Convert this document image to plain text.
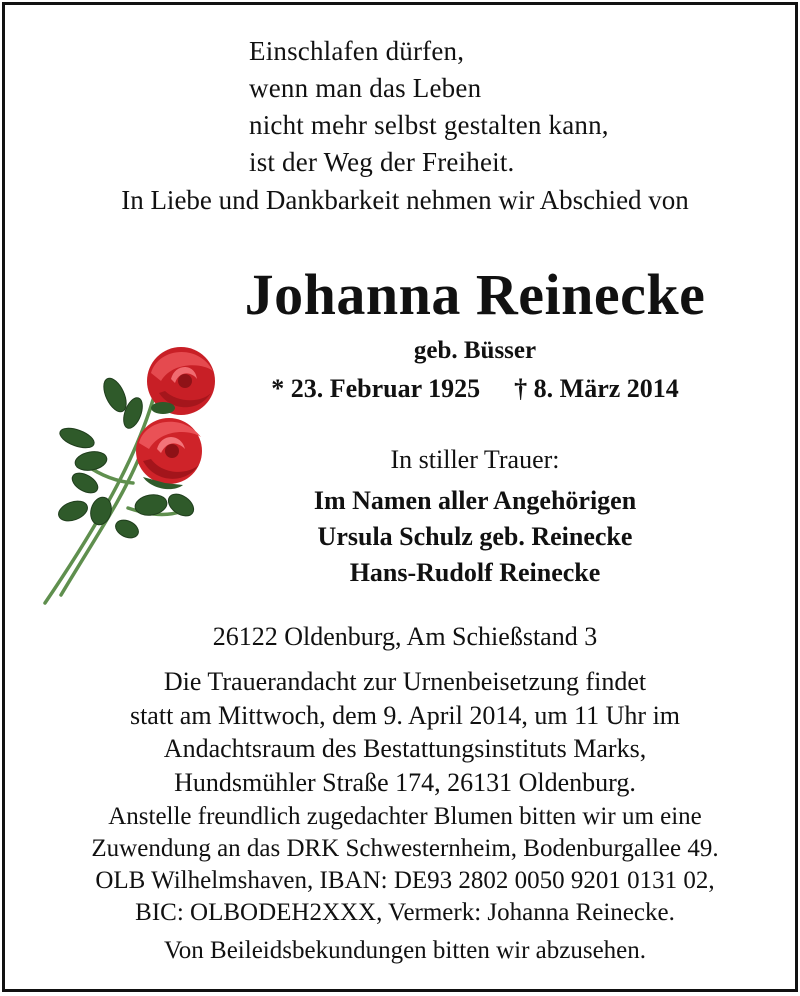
Einschlafen dürfen,
wenn man das Leben
nicht mehr selbst gestalten kann,
ist der Weg der Freiheit.
In Liebe und Dankbarkeit nehmen wir Abschied von
Johanna Reinecke
geb. Büsser
* 23. Februar 1925 † 8. März 2014
In stiller Trauer:
Im Namen aller Angehörigen
Ursula Schulz geb. Reinecke
Hans-Rudolf Reinecke
26122 Oldenburg, Am Schießstand 3
Die Trauerandacht zur Urnenbeisetzung findet
statt am Mittwoch, dem 9. April 2014, um 11 Uhr im
Andachtsraum des Bestattungsinstituts Marks,
Hundsmühler Straße 174, 26131 Oldenburg.
Anstelle freundlich zugedachter Blumen bitten wir um eine
Zuwendung an das DRK Schwesternheim, Bodenburgallee 49.
OLB Wilhelmshaven, IBAN: DE93 2802 0050 9201 0131 02,
BIC: OLBODEH2XXX, Vermerk: Johanna Reinecke.
Von Beileidsbekundungen bitten wir abzusehen.
